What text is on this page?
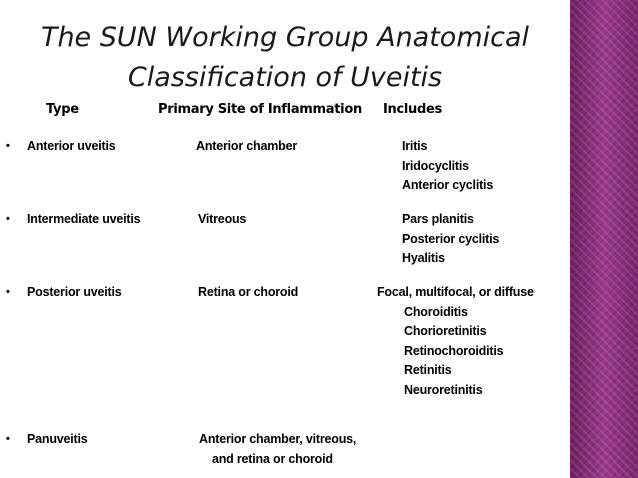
The SUN Working Group Anatomical
Classification of Uveitis
Type	Primary Site of Inflammation Includes
• Anterior uveitis	Anterior chamber	Iritis
Iridocyclitis
Anterior cyclitis
• Intermediate uveitis	Vitreous	Pars planitis
Posterior cyclitis
Hyalitis
• Posterior uveitis	Retina or choroid	Focal, multifocal, or diffuse
Choroiditis
Chorioretinitis
Retinochoroiditis
Retinitis
Neuroretinitis
• Panuveitis	Anterior chamber, vitreous,
and retina or choroid
